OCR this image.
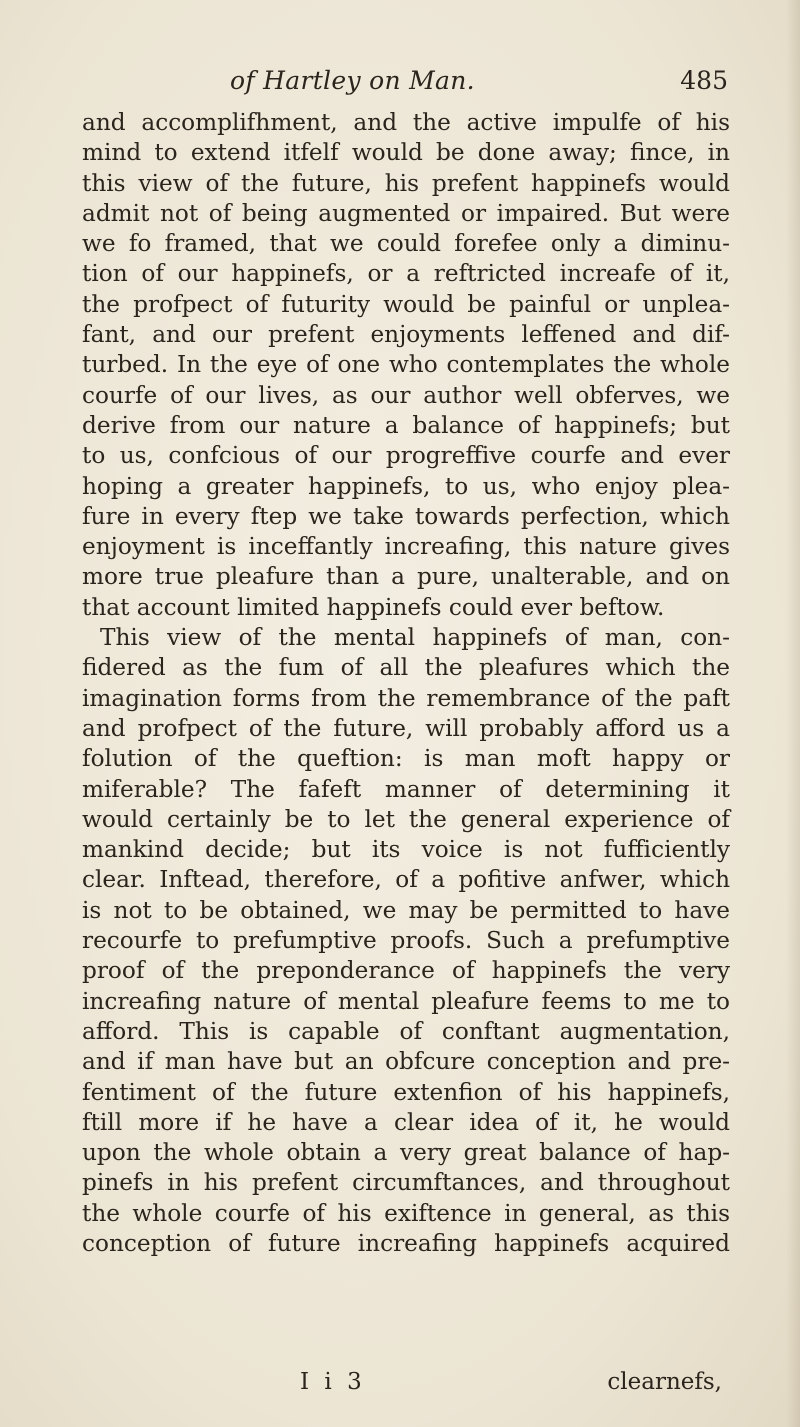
of Hartley on Man.	485
and accomplifhment, and the active impulfe of his
mind to extend itfelf would be done away; fince, in
this view of the future, his prefent happinefs would
admit not of being augmented or impaired. But were
we fo framed, that we could forefee only a diminu-
tion of our happinefs, or a reftricted increafe of it,
the profpect of futurity would be painful or unplea-
fant, and our prefent enjoyments leffened and dif-
turbed. In the eye of one who contemplates the whole
courfe of our lives, as our author well obferves, we
derive from our nature a balance of happinefs; but
to us, confcious of our progreffive courfe and ever
hoping a greater happinefs, to us, who enjoy plea-
fure in every ftep we take towards perfection, which
enjoyment is inceffantly increafing, this nature gives
more true pleafure than a pure, unalterable, and on
that account limited happinefs could ever beftow.
This view of the mental happinefs of man, con-
fidered as the fum of all the pleafures which the
imagination forms from the remembrance of the paft
and profpect of the future, will probably afford us a
folution of the queftion: is man moft happy or
miferable? The fafeft manner of determining it
would certainly be to let the general experience of
mankind decide; but its voice is not fufficiently
clear. Inftead, therefore, of a pofitive anfwer, which
is not to be obtained, we may be permitted to have
recourfe to prefumptive proofs. Such a prefumptive
proof of the preponderance of happinefs the very
increafing nature of mental pleafure feems to me to
afford. This is capable of conftant augmentation,
and if man have but an obfcure conception and pre-
fentiment of the future extenfion of his happinefs,
ftill more if he have a clear idea of it, he would
upon the whole obtain a very great balance of hap-
pinefs in his prefent circumftances, and throughout
the whole courfe of his exiftence in general, as this
conception of future increafing happinefs acquired
I i 3	clearnefs,
